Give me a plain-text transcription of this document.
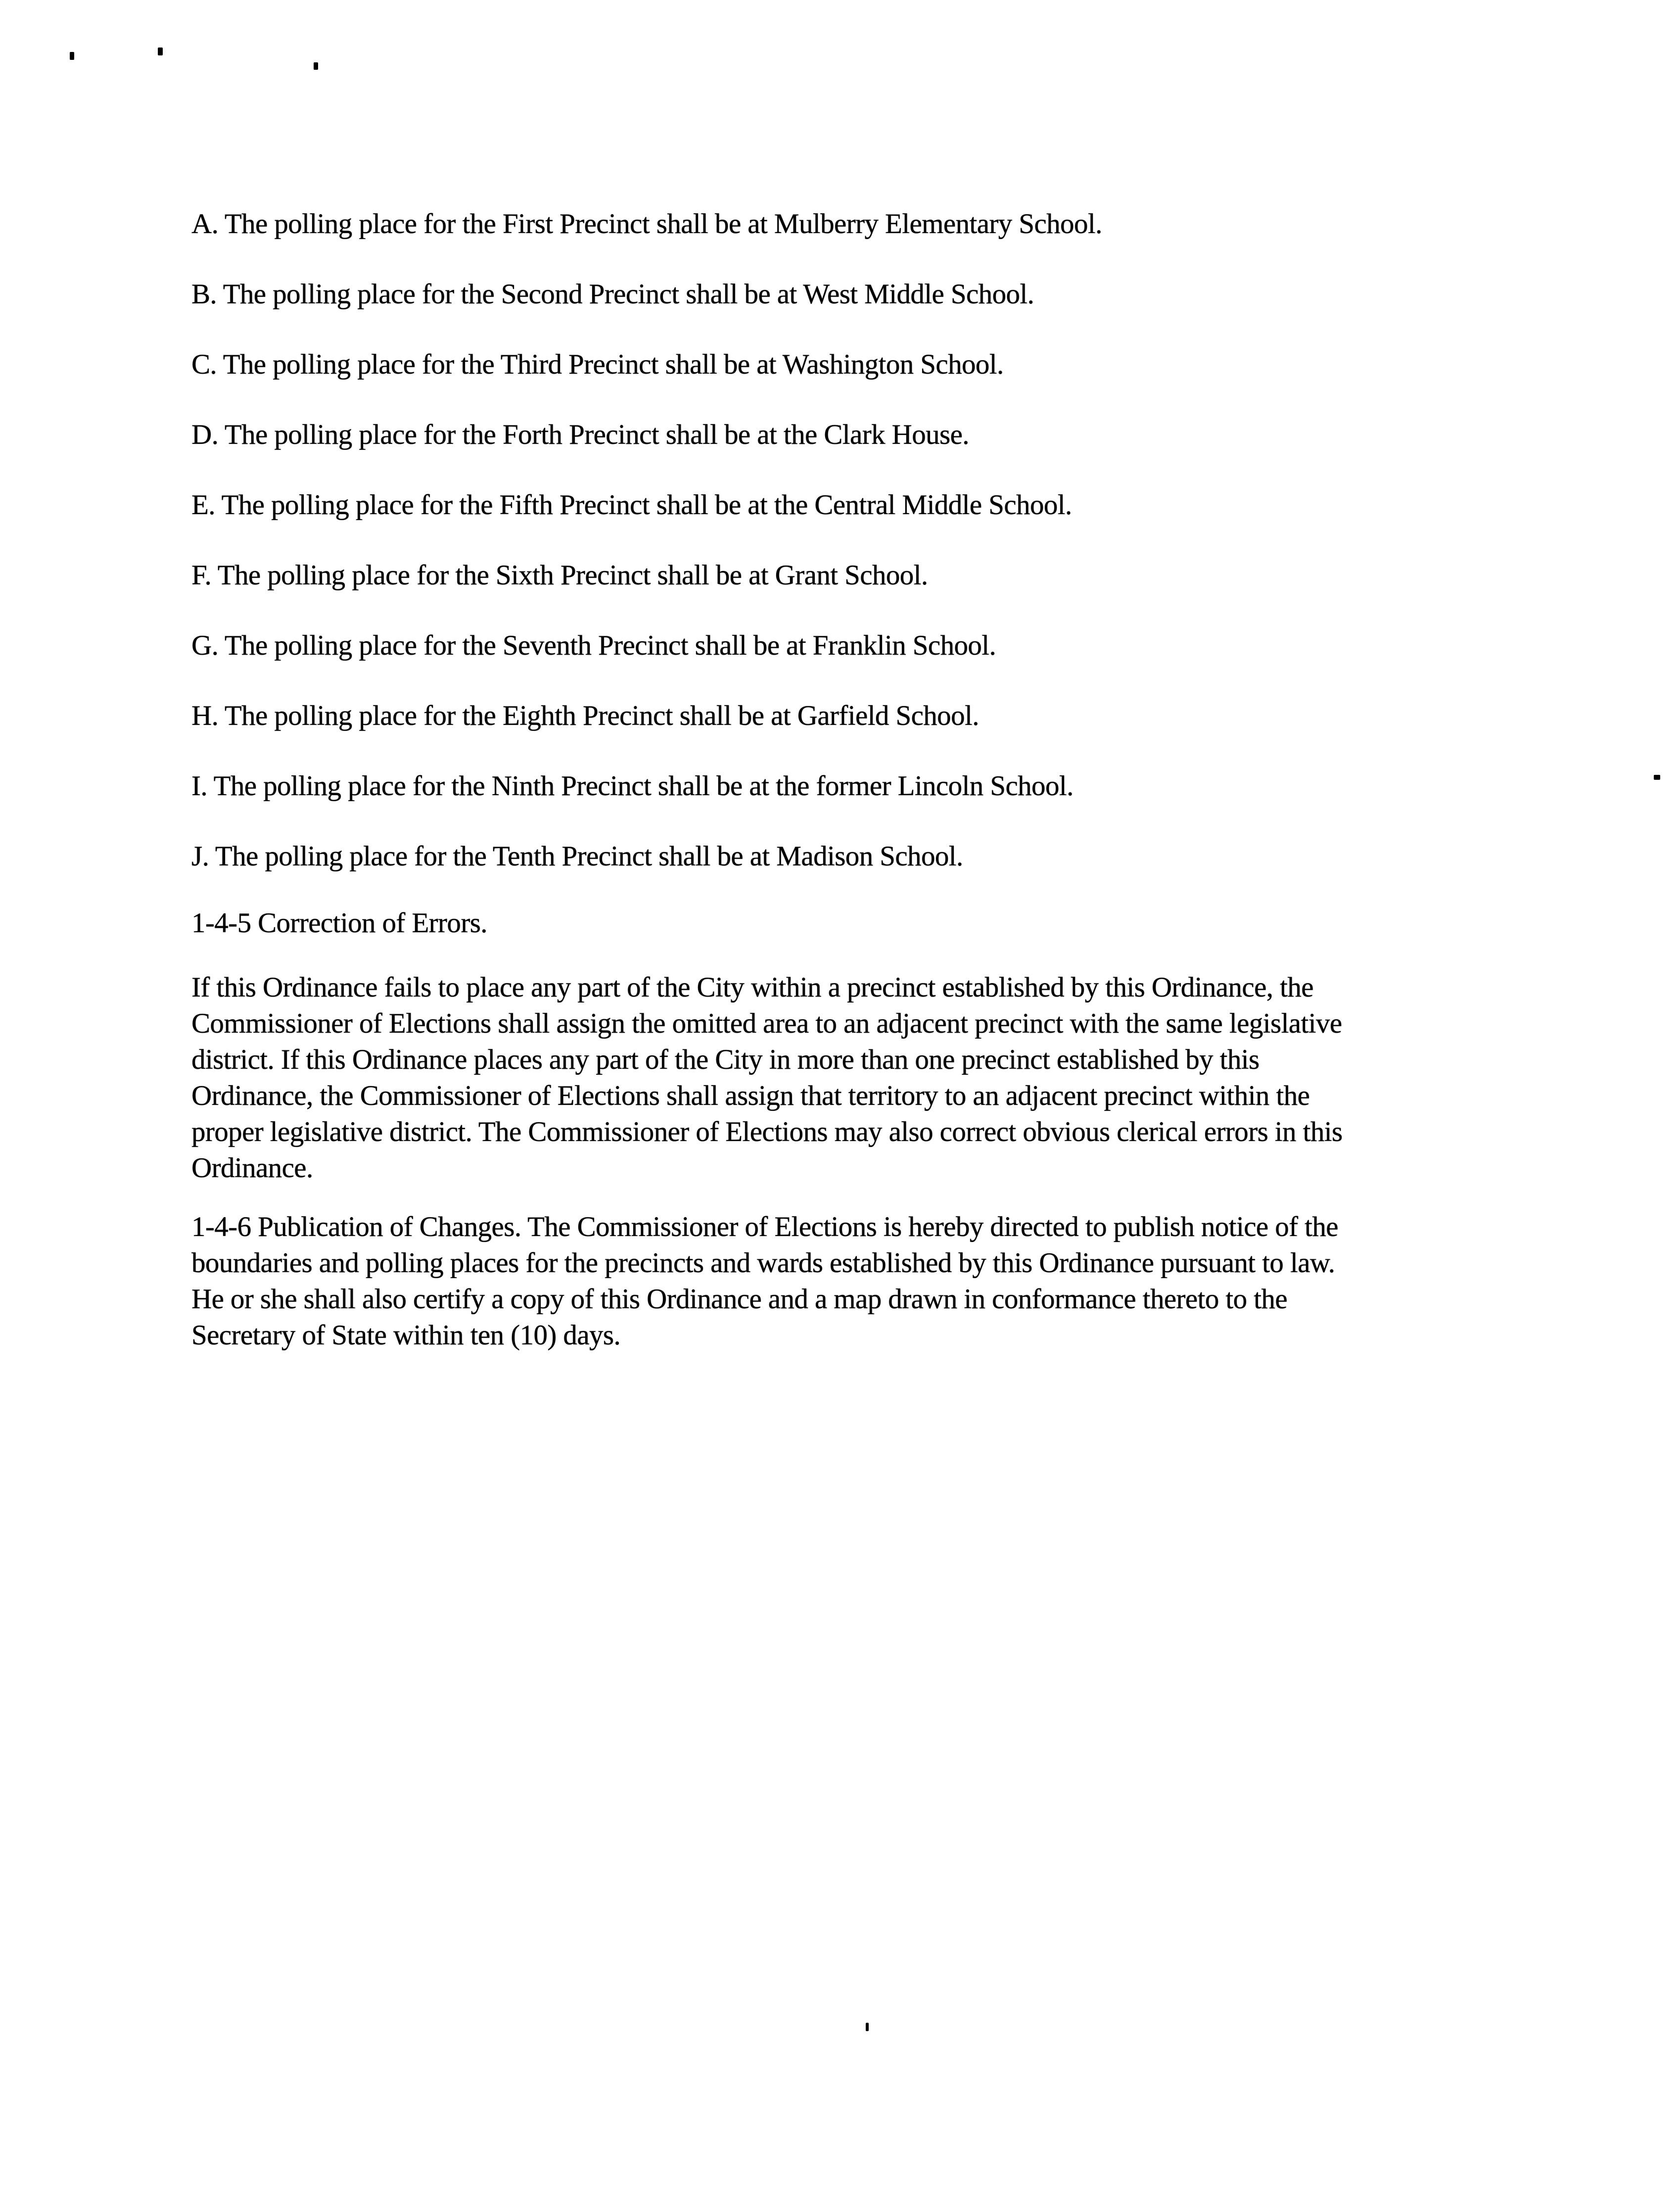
A. The polling place for the First Precinct shall be at Mulberry Elementary School.
B. The polling place for the Second Precinct shall be at West Middle School.
C. The polling place for the Third Precinct shall be at Washington School.
D. The polling place for the Forth Precinct shall be at the Clark House.
E. The polling place for the Fifth Precinct shall be at the Central Middle School.
F. The polling place for the Sixth Precinct shall be at Grant School.
G. The polling place for the Seventh Precinct shall be at Franklin School.
H. The polling place for the Eighth Precinct shall be at Garfield School.
I. The polling place for the Ninth Precinct shall be at the former Lincoln School.
J. The polling place for the Tenth Precinct shall be at Madison School.
1-4-5 Correction of Errors.
If this Ordinance fails to place any part of the City within a precinct established by this Ordinance, the
Commissioner of Elections shall assign the omitted area to an adjacent precinct with the same legislative
district. If this Ordinance places any part of the City in more than one precinct established by this
Ordinance, the Commissioner of Elections shall assign that territory to an adjacent precinct within the
proper legislative district. The Commissioner of Elections may also correct obvious clerical errors in this
Ordinance.
1-4-6 Publication of Changes. The Commissioner of Elections is hereby directed to publish notice of the
boundaries and polling places for the precincts and wards established by this Ordinance pursuant to law.
He or she shall also certify a copy of this Ordinance and a map drawn in conformance thereto to the
Secretary of State within ten (10) days.
